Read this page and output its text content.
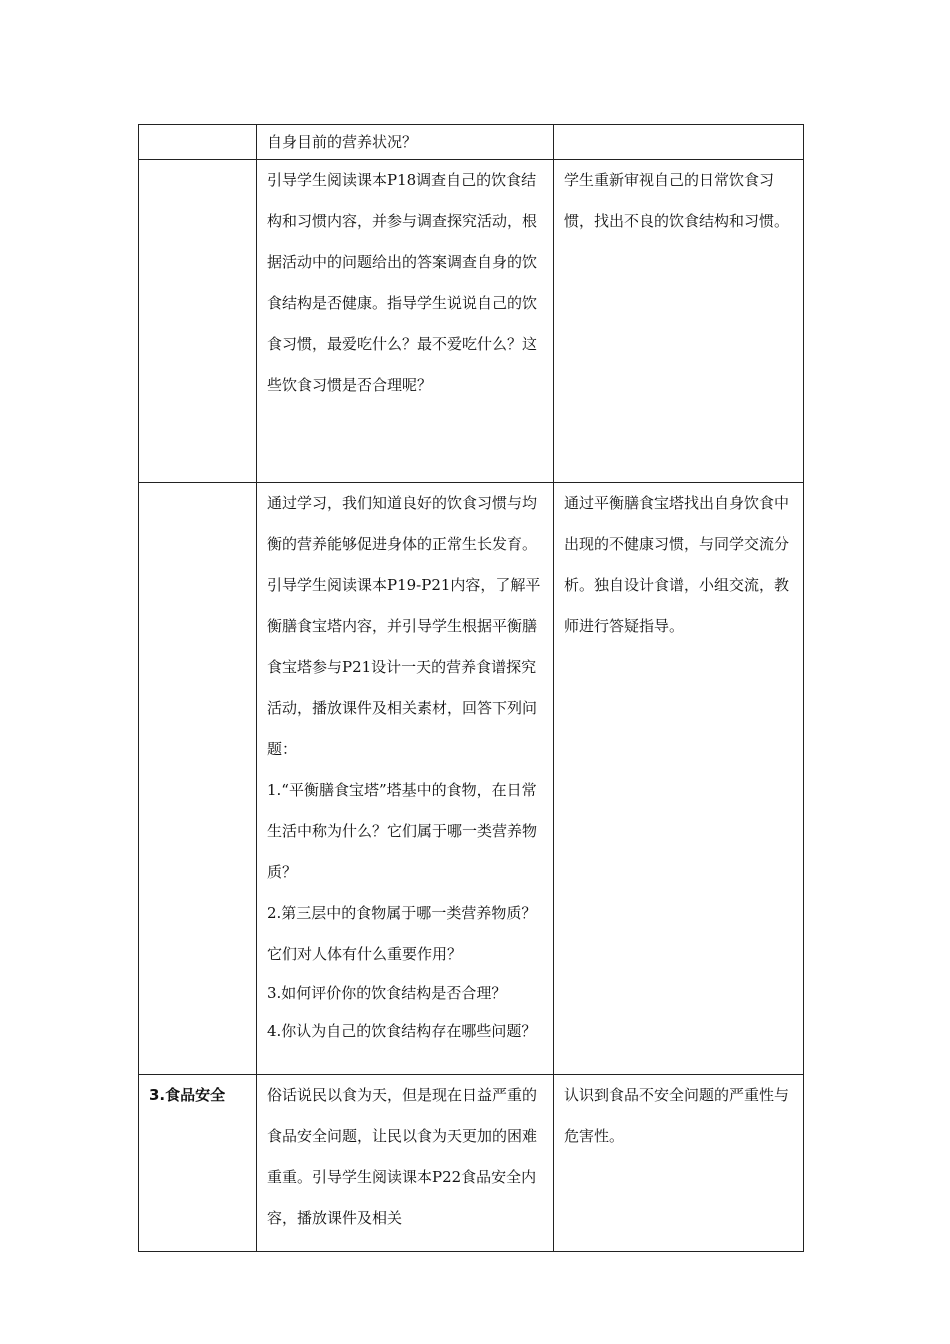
	自身目前的营养状况？	

	引导学生阅读课本P18调查自己的饮食结构和习惯内容，并参与调查探究活动，根据活动中的问题给出的答案调查自身的饮食结构是否健康。指导学生说说自己的饮食习惯，最爱吃什么？最不爱吃什么？这些饮食习惯是否合理呢？	学生重新审视自己的日常饮食习惯，找出不良的饮食结构和习惯。

	通过学习，我们知道良好的饮食习惯与均衡的营养能够促进身体的正常生长发育。引导学生阅读课本P19-P21内容，了解平衡膳食宝塔内容，并引导学生根据平衡膳食宝塔参与P21设计一天的营养食谱探究活动，播放课件及相关素材，回答下列问题：
1.“平衡膳食宝塔”塔基中的食物，在日常生活中称为什么？它们属于哪一类营养物质？
2.第三层中的食物属于哪一类营养物质？它们对人体有什么重要作用？
3.如何评价你的饮食结构是否合理？
4.你认为自己的饮食结构存在哪些问题？	通过平衡膳食宝塔找出自身饮食中出现的不健康习惯，与同学交流分析。独自设计食谱，小组交流，教师进行答疑指导。

3.食品安全	俗话说民以食为天，但是现在日益严重的食品安全问题，让民以食为天更加的困难重重。引导学生阅读课本P22食品安全内容，播放课件及相关	认识到食品不安全问题的严重性与危害性。
